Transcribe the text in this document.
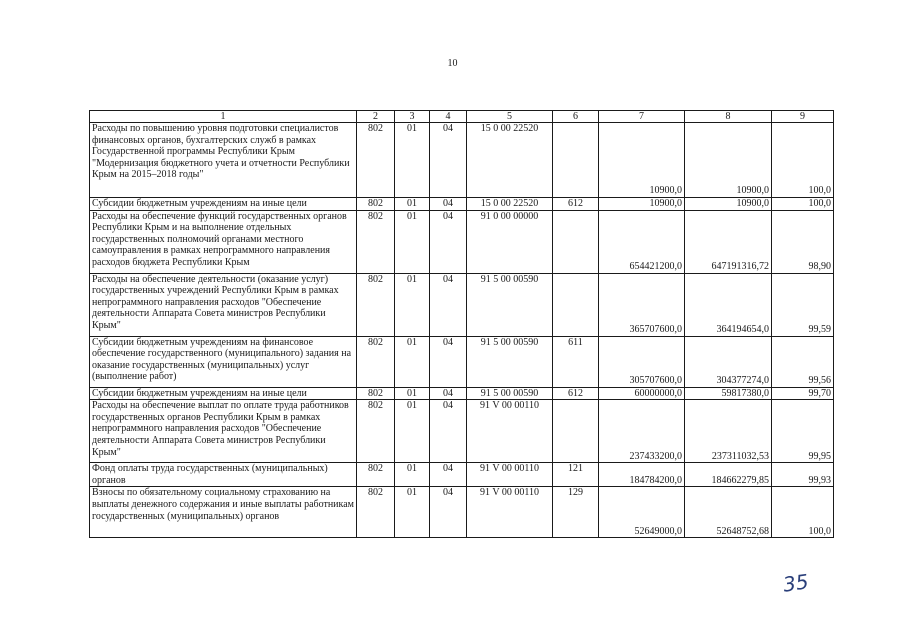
10
1	2	3	4	5	6	7	8	9
Расходы по повышению уровня подготовки специалистов финансовых органов, бухгалтерских служб в рамках Государственной программы Республики Крым "Модернизация бюджетного учета и отчетности Республики Крым на 2015–2018 годы"	802	01	04	15 0 00 22520		10900,0	10900,0	100,0
Субсидии бюджетным учреждениям на иные цели	802	01	04	15 0 00 22520	612	10900,0	10900,0	100,0
Расходы на обеспечение функций государственных органов Республики Крым и на выполнение отдельных государственных полномочий органами местного самоуправления в рамках непрограммного направления расходов бюджета Республики Крым	802	01	04	91 0 00 00000		654421200,0	647191316,72	98,90
Расходы на обеспечение деятельности (оказание услуг) государственных учреждений Республики Крым в рамках непрограммного направления расходов "Обеспечение деятельности Аппарата Совета министров Республики Крым"	802	01	04	91 5 00 00590		365707600,0	364194654,0	99,59
Субсидии бюджетным учреждениям на финансовое обеспечение государственного (муниципального) задания на оказание государственных (муниципальных) услуг (выполнение работ)	802	01	04	91 5 00 00590	611	305707600,0	304377274,0	99,56
Субсидии бюджетным учреждениям на иные цели	802	01	04	91 5 00 00590	612	60000000,0	59817380,0	99,70
Расходы на обеспечение выплат по оплате труда работников государственных органов Республики Крым в рамках непрограммного направления расходов "Обеспечение деятельности Аппарата Совета министров Республики Крым"	802	01	04	91 V 00 00110		237433200,0	237311032,53	99,95
Фонд оплаты труда государственных (муниципальных) органов	802	01	04	91 V 00 00110	121	184784200,0	184662279,85	99,93
Взносы по обязательному социальному страхованию на выплаты денежного содержания и иные выплаты работникам государственных (муниципальных) органов	802	01	04	91 V 00 00110	129	52649000,0	52648752,68	100,0
35
